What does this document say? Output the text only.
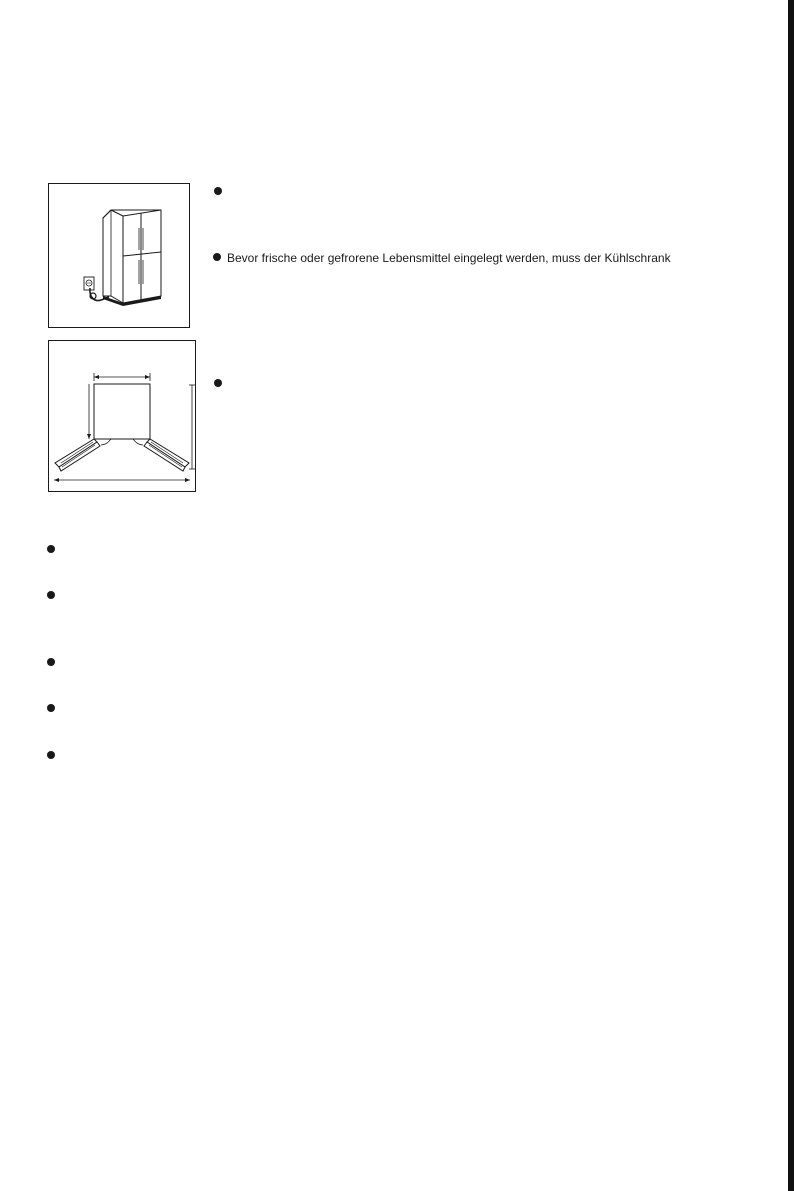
Bevor frische oder gefrorene Lebensmittel eingelegt werden, muss der Kühlschrank
